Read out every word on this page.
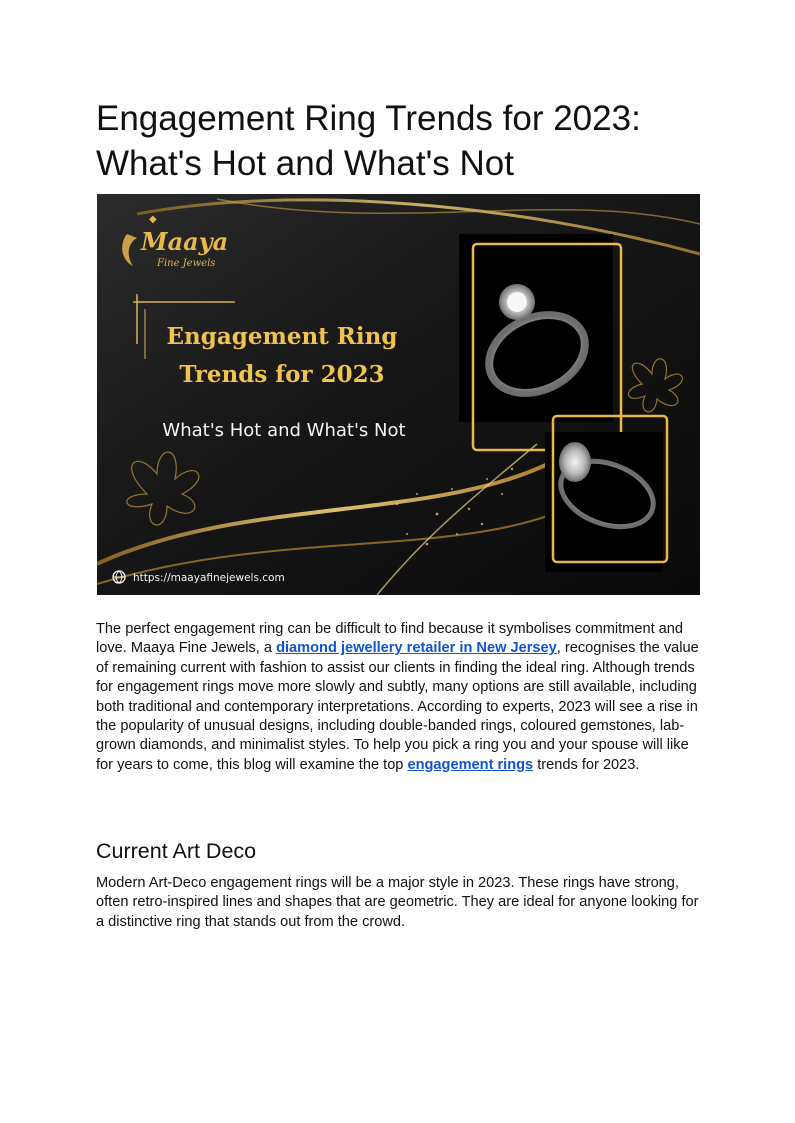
Engagement Ring Trends for 2023:
What's Hot and What's Not
◆
Maaya
Fine Jewels
Engagement Ring
Trends for 2023
What's Hot and What's Not
https://maayafinejewels.com

The perfect engagement ring can be difficult to find because it symbolises commitment and love. Maaya Fine Jewels, a diamond jewellery retailer in New Jersey, recognises the value of remaining current with fashion to assist our clients in finding the ideal ring. Although trends for engagement rings move more slowly and subtly, many options are still available, including both traditional and contemporary interpretations. According to experts, 2023 will see a rise in the popularity of unusual designs, including double-banded rings, coloured gemstones, lab-grown diamonds, and minimalist styles. To help you pick a ring you and your spouse will like for years to come, this blog will examine the top engagement rings trends for 2023.

Current Art Deco

Modern Art-Deco engagement rings will be a major style in 2023. These rings have strong, often retro-inspired lines and shapes that are geometric. They are ideal for anyone looking for a distinctive ring that stands out from the crowd.
